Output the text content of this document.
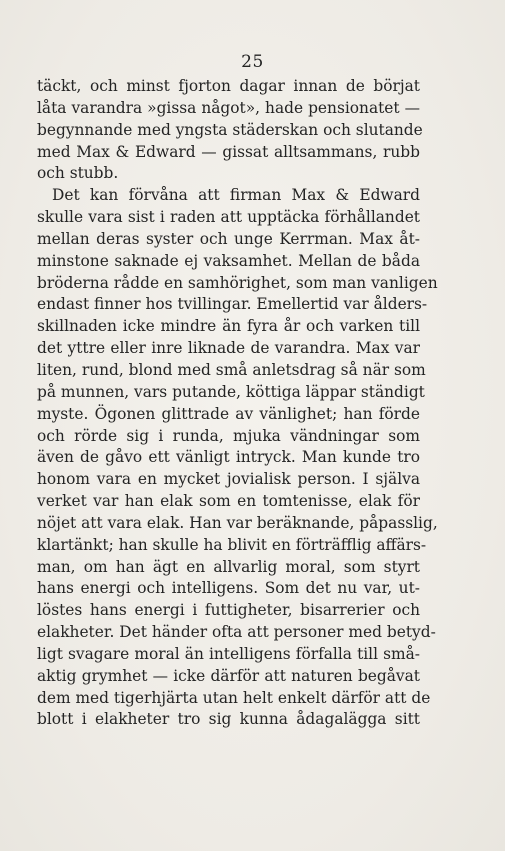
25
täckt, och minst fjorton dagar innan de börjat
låta varandra »gissa något», hade pensionatet —
begynnande med yngsta städerskan och slutande
med Max & Edward — gissat alltsammans, rubb
och stubb.
Det kan förvåna att firman Max & Edward
skulle vara sist i raden att upptäcka förhållandet
mellan deras syster och unge Kerrman. Max åt-
minstone saknade ej vaksamhet. Mellan de båda
bröderna rådde en samhörighet, som man vanligen
endast finner hos tvillingar. Emellertid var ålders-
skillnaden icke mindre än fyra år och varken till
det yttre eller inre liknade de varandra. Max var
liten, rund, blond med små anletsdrag så när som
på munnen, vars putande, köttiga läppar ständigt
myste. Ögonen glittrade av vänlighet; han förde
och rörde sig i runda, mjuka vändningar som
även de gåvo ett vänligt intryck. Man kunde tro
honom vara en mycket jovialisk person. I själva
verket var han elak som en tomtenisse, elak för
nöjet att vara elak. Han var beräknande, påpasslig,
klartänkt; han skulle ha blivit en förträfflig affärs-
man, om han ägt en allvarlig moral, som styrt
hans energi och intelligens. Som det nu var, ut-
löstes hans energi i futtigheter, bisarrerier och
elakheter. Det händer ofta att personer med betyd-
ligt svagare moral än intelligens förfalla till små-
aktig grymhet — icke därför att naturen begåvat
dem med tigerhjärta utan helt enkelt därför att de
blott i elakheter tro sig kunna ådagalägga sitt
